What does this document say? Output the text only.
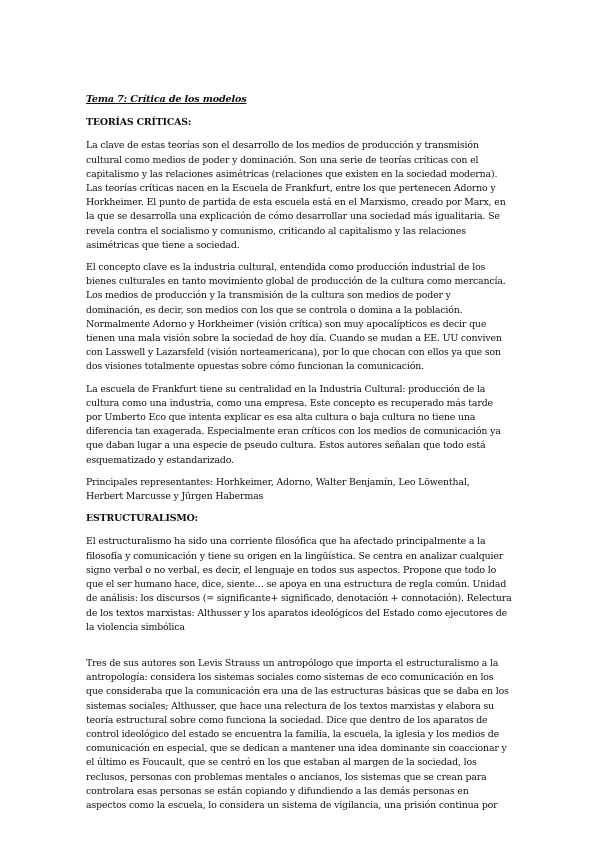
Tema 7: Crítica de los modelos
TEORÍAS CRÍTICAS:
La clave de estas teorías son el desarrollo de los medios de producción y transmisión
cultural como medios de poder y dominación. Son una serie de teorías críticas con el
capitalismo y las relaciones asimétricas (relaciones que existen en la sociedad moderna).
Las teorías críticas nacen en la Escuela de Frankfurt, entre los que pertenecen Adorno y
Horkheimer. El punto de partida de esta escuela está en el Marxismo, creado por Marx, en
la que se desarrolla una explicación de cómo desarrollar una sociedad más igualitaria. Se
revela contra el socialismo y comunismo, criticando al capitalismo y las relaciones
asimétricas que tiene a sociedad.
El concepto clave es la industria cultural, entendida como producción industrial de los
bienes culturales en tanto movimiento global de producción de la cultura como mercancía.
Los medios de producción y la transmisión de la cultura son medios de poder y
dominación, es decir, son medios con los que se controla o domina a la población.
Normalmente Adorno y Horkheimer (visión crítica) son muy apocalípticos es decir que
tienen una mala visión sobre la sociedad de hoy día. Cuando se mudan a EE. UU conviven
con Lasswell y Lazarsfeld (visión norteamericana), por lo que chocan con ellos ya que son
dos visiones totalmente opuestas sobre cómo funcionan la comunicación.
La escuela de Frankfurt tiene su centralidad en la Industria Cultural: producción de la
cultura como una industria, como una empresa. Este concepto es recuperado más tarde
por Umberto Eco que intenta explicar es esa alta cultura o baja cultura no tiene una
diferencia tan exagerada. Especialmente eran críticos con los medios de comunicación ya
que daban lugar a una especie de pseudo cultura. Estos autores señalan que todo está
esquematizado y estandarizado.
Principales representantes: Horhkeimer, Adorno, Walter Benjamín, Leo Löwenthal,
Herbert Marcusse y Jürgen Habermas
ESTRUCTURALISMO:
El estructuralismo ha sido una corriente filosófica que ha afectado principalmente a la
filosofía y comunicación y tiene su origen en la lingüística. Se centra en analizar cualquier
signo verbal o no verbal, es decir, el lenguaje en todos sus aspectos. Propone que todo lo
que el ser humano hace, dice, siente… se apoya en una estructura de regla común. Unidad
de análisis: los discursos (= significante+ significado, denotación + connotación). Relectura
de los textos marxistas: Althusser y los aparatos ideológicos del Estado como ejecutores de
la violencia simbólica
Tres de sus autores son Levis Strauss un antropólogo que importa el estructuralismo a la
antropología: considera los sistemas sociales como sistemas de eco comunicación en los
que consideraba que la comunicación era una de las estructuras básicas que se daba en los
sistemas sociales; Althusser, que hace una relectura de los textos marxistas y elabora su
teoría estructural sobre como funciona la sociedad. Dice que dentro de los aparatos de
control ideológico del estado se encuentra la familia, la escuela, la iglesia y los medios de
comunicación en especial, que se dedican a mantener una idea dominante sin coaccionar y
el último es Foucault, que se centró en los que estaban al margen de la sociedad, los
reclusos, personas con problemas mentales o ancianos, los sistemas que se crean para
controlara esas personas se están copiando y difundiendo a las demás personas en
aspectos como la escuela, lo considera un sistema de vigilancia, una prisión continua por
